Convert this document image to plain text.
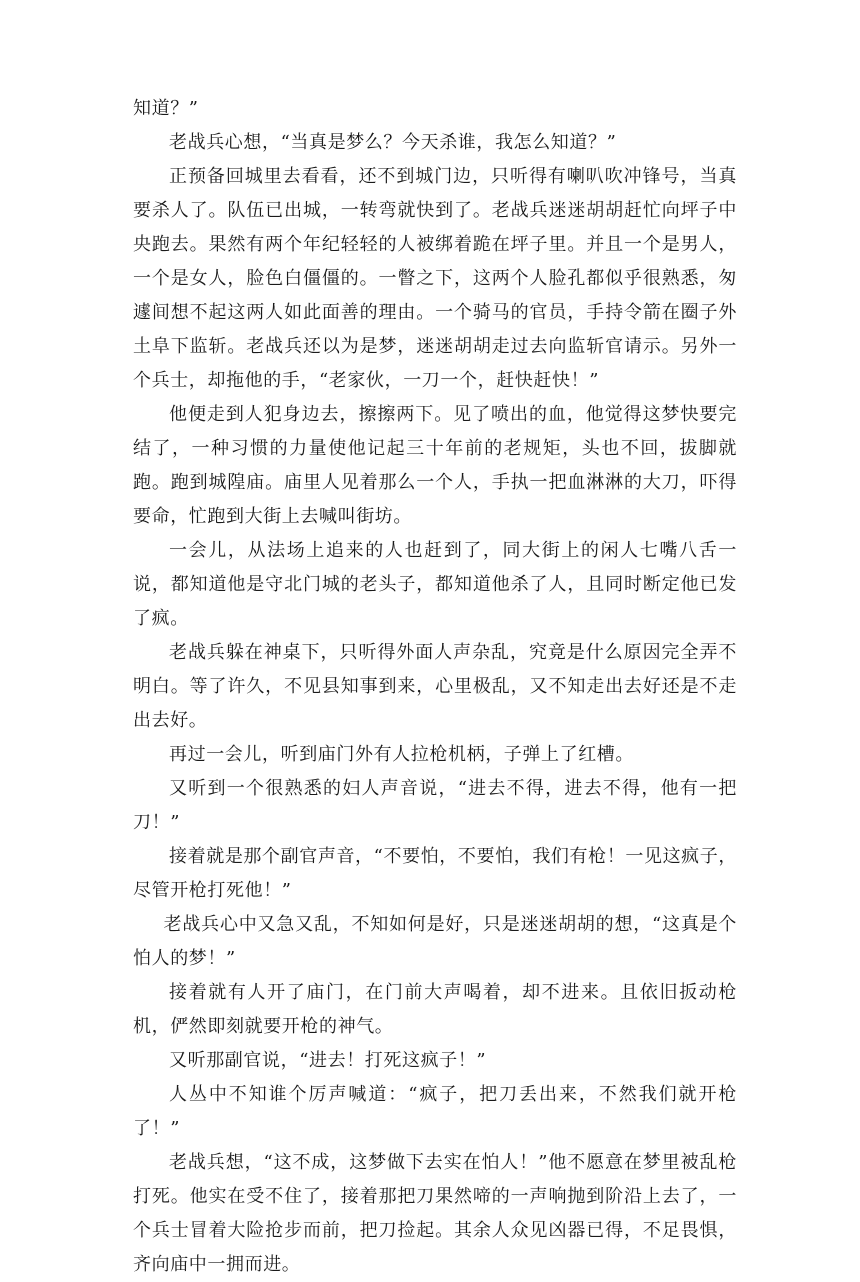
知道？”

老战兵心想，“当真是梦么？今天杀谁，我怎么知道？”

正预备回城里去看看，还不到城门边，只听得有喇叭吹冲锋号，当真要杀人了。队伍已出城，一转弯就快到了。老战兵迷迷胡胡赶忙向坪子中央跑去。果然有两个年纪轻轻的人被绑着跪在坪子里。并且一个是男人，一个是女人，脸色白僵僵的。一瞥之下，这两个人脸孔都似乎很熟悉，匆遽间想不起这两人如此面善的理由。一个骑马的官员，手持令箭在圈子外土阜下监斩。老战兵还以为是梦，迷迷胡胡走过去向监斩官请示。另外一个兵士，却拖他的手，“老家伙，一刀一个，赶快赶快！”

他便走到人犯身边去，擦擦两下。见了喷出的血，他觉得这梦快要完结了，一种习惯的力量使他记起三十年前的老规矩，头也不回，拔脚就跑。跑到城隍庙。庙里人见着那么一个人，手执一把血淋淋的大刀，吓得要命，忙跑到大街上去喊叫街坊。

一会儿，从法场上追来的人也赶到了，同大街上的闲人七嘴八舌一说，都知道他是守北门城的老头子，都知道他杀了人，且同时断定他已发了疯。

老战兵躲在神桌下，只听得外面人声杂乱，究竟是什么原因完全弄不明白。等了许久，不见县知事到来，心里极乱，又不知走出去好还是不走出去好。

再过一会儿，听到庙门外有人拉枪机柄，子弹上了红槽。

又听到一个很熟悉的妇人声音说，“进去不得，进去不得，他有一把刀！”

接着就是那个副官声音，“不要怕，不要怕，我们有枪！一见这疯子，尽管开枪打死他！”

老战兵心中又急又乱，不知如何是好，只是迷迷胡胡的想，“这真是个怕人的梦！”

接着就有人开了庙门，在门前大声喝着，却不进来。且依旧扳动枪机，俨然即刻就要开枪的神气。

又听那副官说，“进去！打死这疯子！”

人丛中不知谁个厉声喊道：“疯子，把刀丢出来，不然我们就开枪了！”

老战兵想，“这不成，这梦做下去实在怕人！”他不愿意在梦里被乱枪打死。他实在受不住了，接着那把刀果然啼的一声响抛到阶沿上去了，一个兵士冒着大险抢步而前，把刀捡起。其余人众见凶器已得，不足畏惧，齐向庙中一拥而进。
